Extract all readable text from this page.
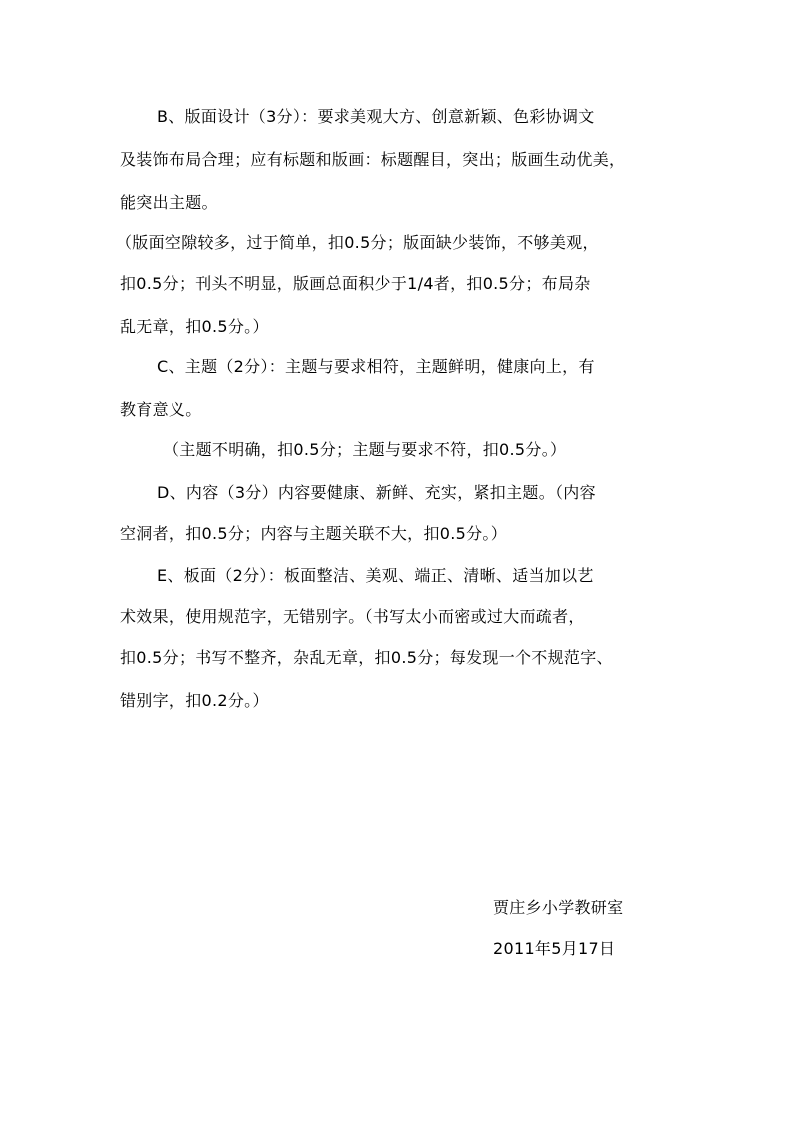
B、版面设计（3分）：要求美观大方、创意新颖、色彩协调文
及装饰布局合理；应有标题和版画：标题醒目，突出；版画生动优美，
能突出主题。
（版面空隙较多，过于简单，扣0.5分；版面缺少装饰，不够美观，
扣0.5分；刊头不明显，版画总面积少于1/4者，扣0.5分；布局杂
乱无章，扣0.5分。）
C、主题（2分）：主题与要求相符，主题鲜明，健康向上，有
教育意义。
（主题不明确，扣0.5分；主题与要求不符，扣0.5分。）
D、内容（3分）内容要健康、新鲜、充实，紧扣主题。（内容
空洞者，扣0.5分；内容与主题关联不大，扣0.5分。）
E、板面（2分）：板面整洁、美观、端正、清晰、适当加以艺
术效果，使用规范字，无错别字。（书写太小而密或过大而疏者，
扣0.5分；书写不整齐，杂乱无章，扣0.5分；每发现一个不规范字、
错别字，扣0.2分。）
贾庄乡小学教研室
2011年5月17日
